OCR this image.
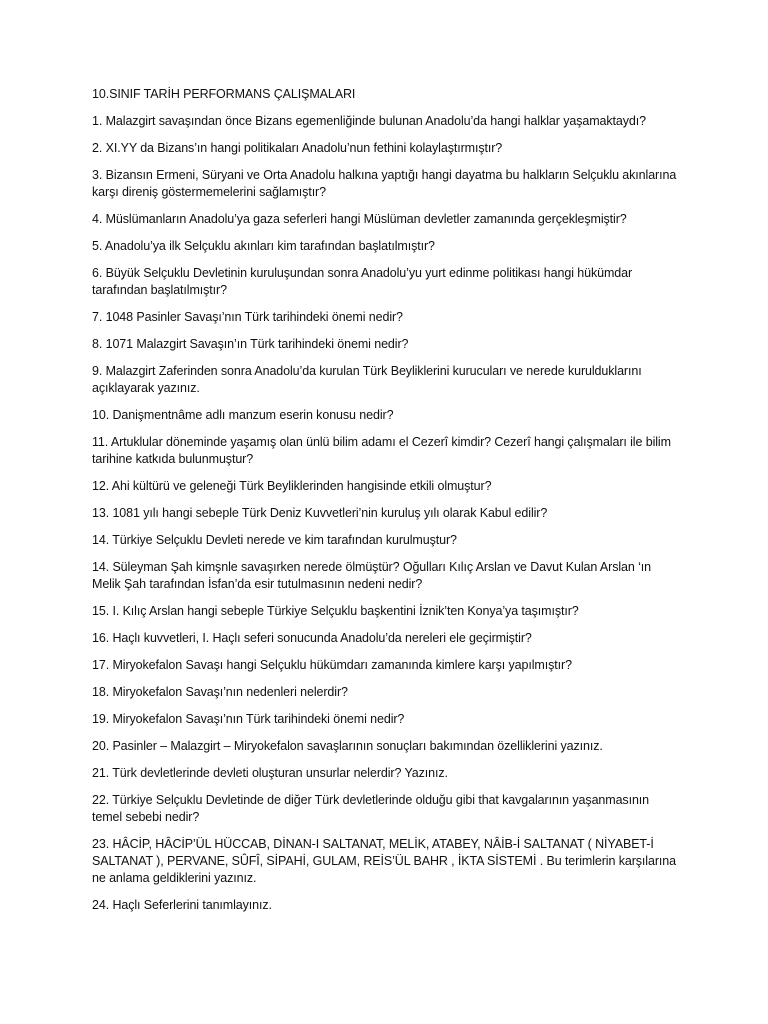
10.SINIF TARİH PERFORMANS ÇALIŞMALARI
1. Malazgirt savaşından önce Bizans egemenliğinde bulunan Anadolu’da hangi halklar yaşamaktaydı?
2. XI.YY da Bizans’ın hangi politikaları Anadolu’nun fethini kolaylaştırmıştır?
3. Bizansın Ermeni, Süryani ve Orta Anadolu halkına yaptığı hangi dayatma bu halkların Selçuklu akınlarına karşı direniş göstermemelerini sağlamıştır?
4. Müslümanların Anadolu’ya gaza seferleri hangi Müslüman devletler zamanında gerçekleşmiştir?
5. Anadolu’ya ilk Selçuklu akınları kim tarafından başlatılmıştır?
6. Büyük Selçuklu Devletinin kuruluşundan sonra Anadolu’yu yurt edinme politikası hangi hükümdar tarafından başlatılmıştır?
7. 1048 Pasinler Savaşı’nın Türk tarihindeki önemi nedir?
8. 1071 Malazgirt Savaşın’ın Türk tarihindeki önemi nedir?
9. Malazgirt Zaferinden sonra Anadolu’da kurulan Türk Beyliklerini kurucuları ve nerede kurulduklarını açıklayarak yazınız.
10. Danişmentnâme adlı manzum eserin konusu nedir?
11. Artuklular döneminde yaşamış olan ünlü bilim adamı el Cezerî kimdir? Cezerî hangi çalışmaları ile bilim tarihine katkıda bulunmuştur?
12. Ahi kültürü ve geleneği Türk Beyliklerinden hangisinde etkili olmuştur?
13. 1081 yılı hangi sebeple Türk Deniz Kuvvetleri’nin kuruluş yılı olarak Kabul edilir?
14. Türkiye Selçuklu Devleti nerede ve kim tarafından kurulmuştur?
14. Süleyman Şah kimşnle savaşırken nerede ölmüştür? Oğulları Kılıç Arslan ve Davut Kulan Arslan ‘ın Melik Şah tarafından İsfan’da esir tutulmasının nedeni nedir?
15. I. Kılıç Arslan hangi sebeple Türkiye Selçuklu başkentini İznik’ten Konya’ya taşımıştır?
16. Haçlı kuvvetleri, I. Haçlı seferi sonucunda Anadolu’da nereleri ele geçirmiştir?
17. Miryokefalon Savaşı hangi Selçuklu hükümdarı zamanında kimlere karşı yapılmıştır?
18. Miryokefalon Savaşı’nın nedenleri nelerdir?
19. Miryokefalon Savaşı’nın Türk tarihindeki önemi nedir?
20. Pasinler – Malazgirt – Miryokefalon savaşlarının sonuçları bakımından özelliklerini yazınız.
21. Türk devletlerinde devleti oluşturan unsurlar nelerdir? Yazınız.
22. Türkiye Selçuklu Devletinde de diğer Türk devletlerinde olduğu gibi that kavgalarının yaşanmasının temel sebebi nedir?
23. HÂCİP, HÂCİP’ÜL HÜCCAB, DİNAN-I SALTANAT, MELİK, ATABEY, NÂİB-İ SALTANAT ( NİYABET-İ SALTANAT ), PERVANE, SÛFÎ, SİPAHİ, GULAM, REİS’ÜL BAHR , İKTA SİSTEMİ . Bu terimlerin karşılarına ne anlama geldiklerini yazınız.
24. Haçlı Seferlerini tanımlayınız.
